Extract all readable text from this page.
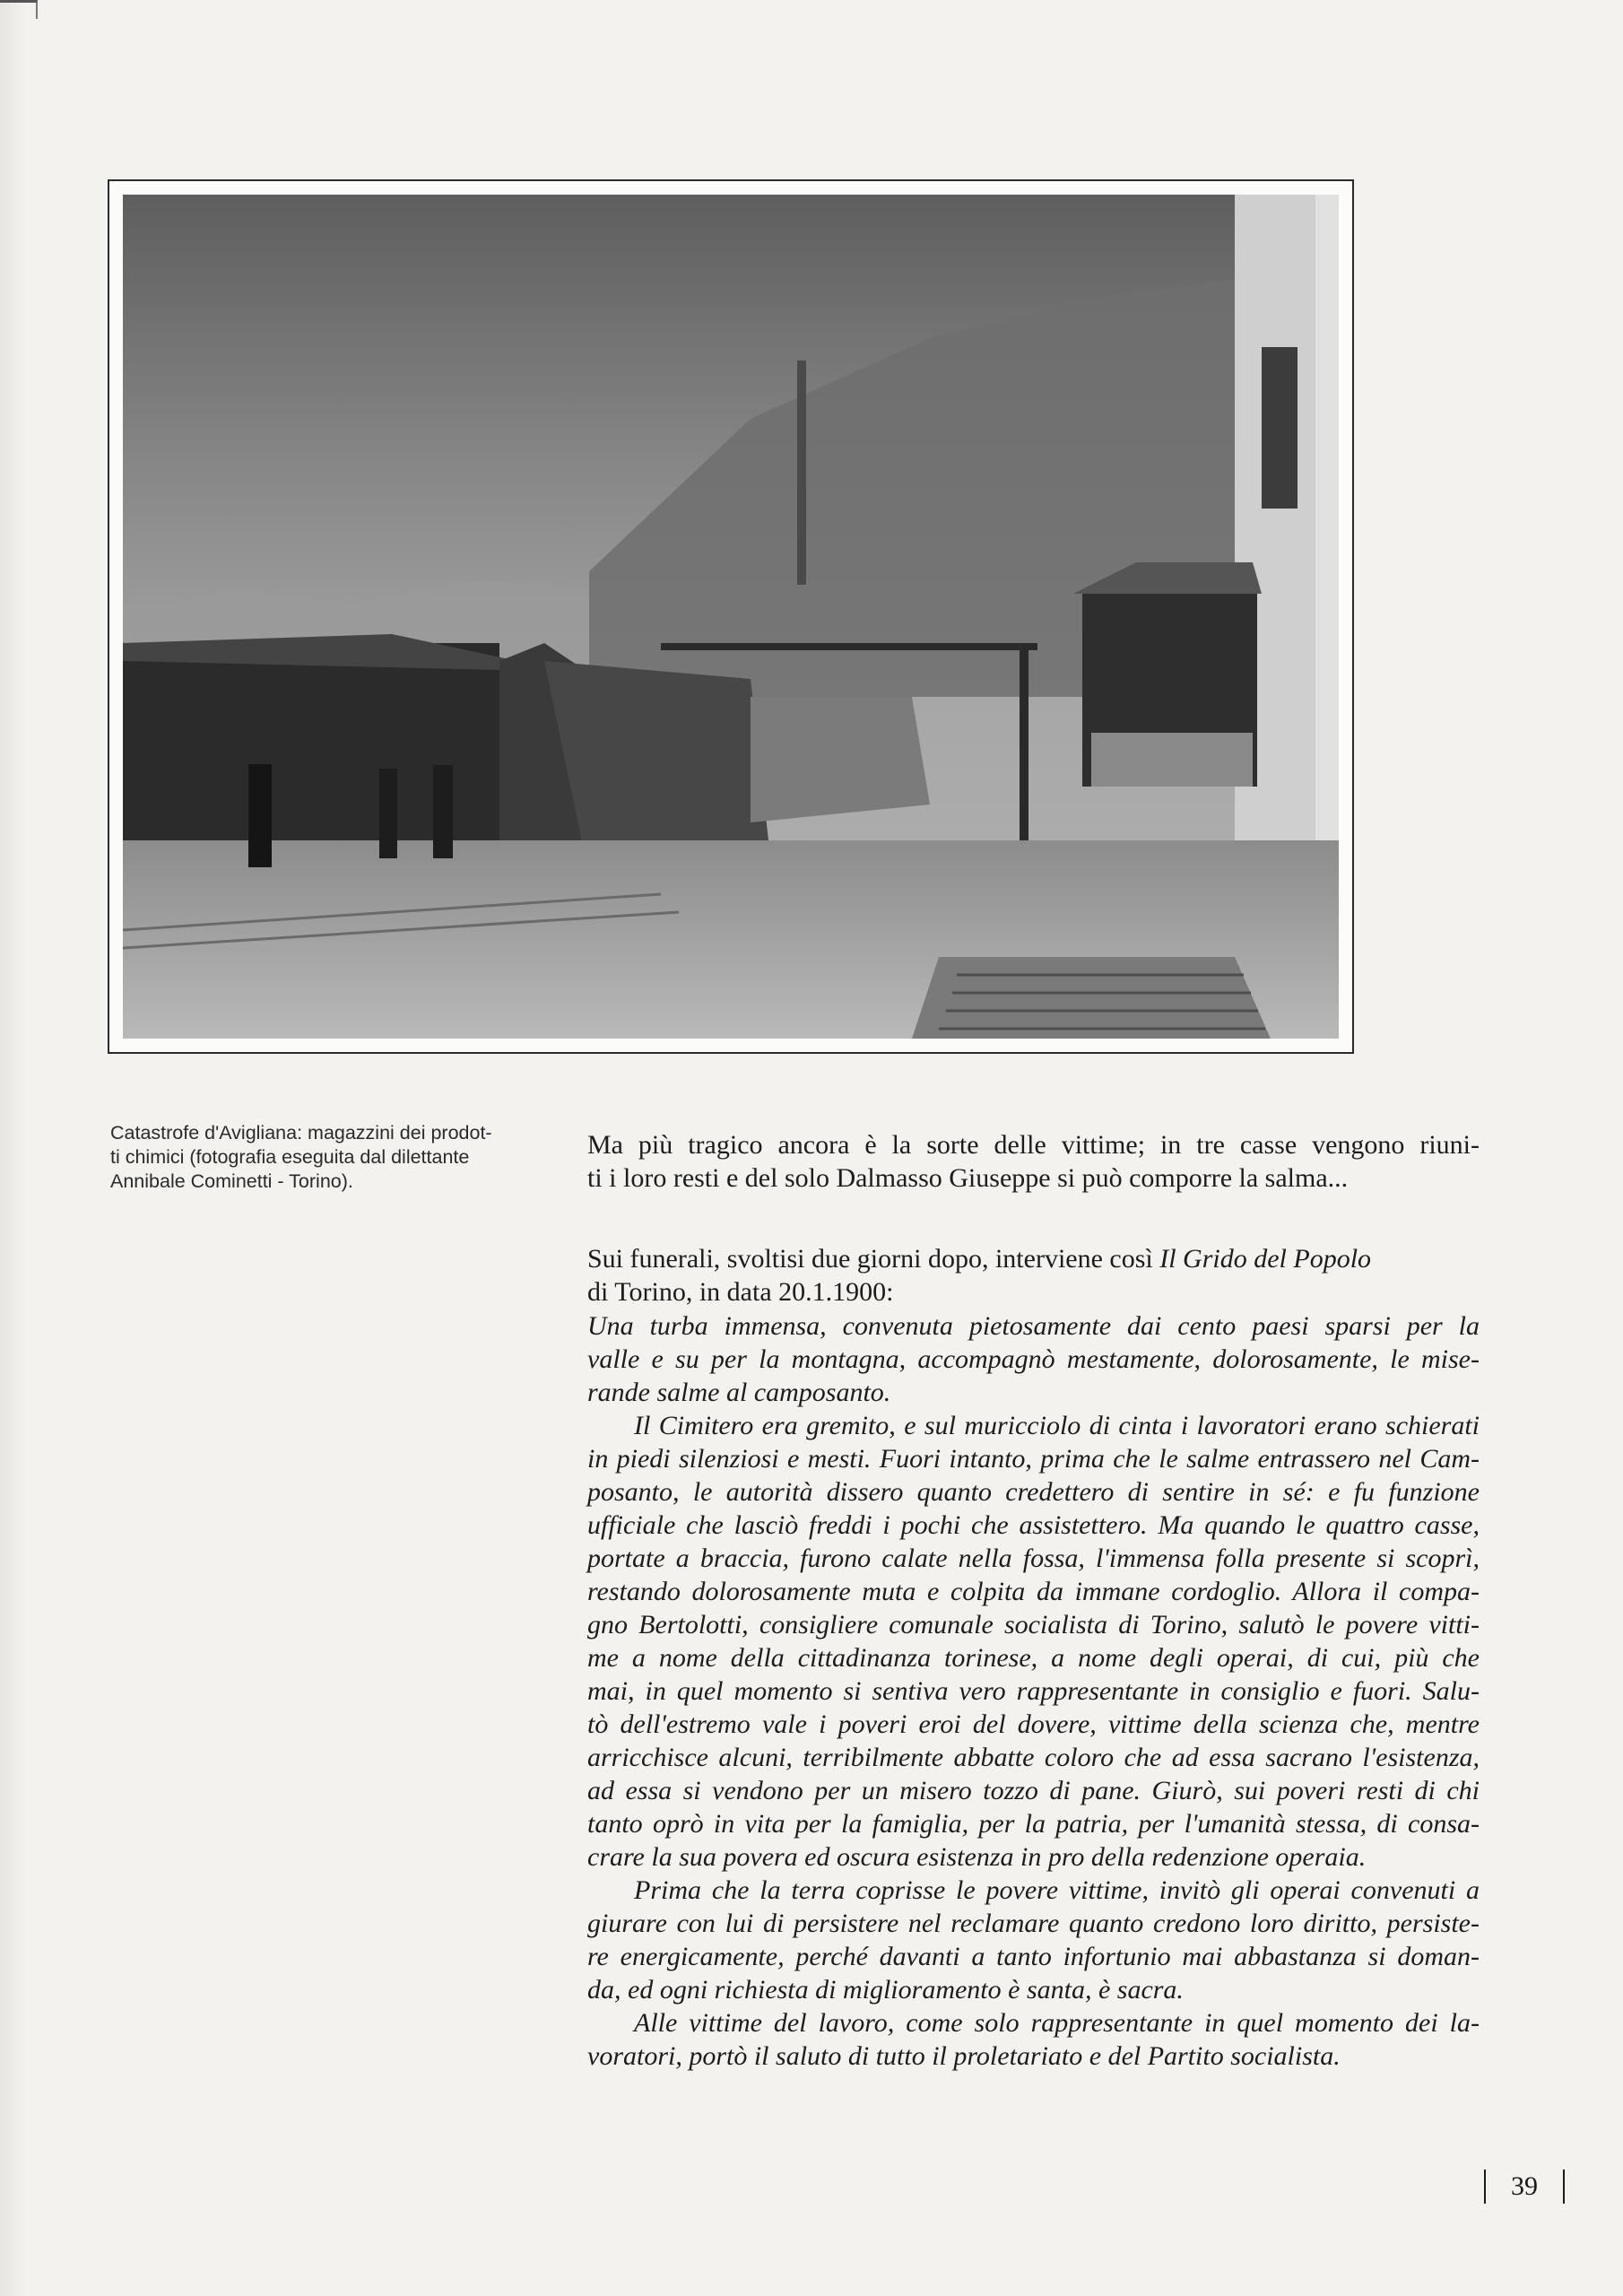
Catastrofe d'Avigliana: magazzini dei prodot-
ti chimici (fotografia eseguita dal dilettante
Annibale Cominetti - Torino).
Ma più tragico ancora è la sorte delle vittime; in tre casse vengono riuni-
ti i loro resti e del solo Dalmasso Giuseppe si può comporre la salma...
Sui funerali, svoltisi due giorni dopo, interviene così Il Grido del Popolo
di Torino, in data 20.1.1900:
Una turba immensa, convenuta pietosamente dai cento paesi sparsi per la
valle e su per la montagna, accompagnò mestamente, dolorosamente, le mise-
rande salme al camposanto.
Il Cimitero era gremito, e sul muricciolo di cinta i lavoratori erano schierati
in piedi silenziosi e mesti. Fuori intanto, prima che le salme entrassero nel Cam-
posanto, le autorità dissero quanto credettero di sentire in sé: e fu funzione
ufficiale che lasciò freddi i pochi che assistettero. Ma quando le quattro casse,
portate a braccia, furono calate nella fossa, l'immensa folla presente si scoprì,
restando dolorosamente muta e colpita da immane cordoglio. Allora il compa-
gno Bertolotti, consigliere comunale socialista di Torino, salutò le povere vitti-
me a nome della cittadinanza torinese, a nome degli operai, di cui, più che
mai, in quel momento si sentiva vero rappresentante in consiglio e fuori. Salu-
tò dell'estremo vale i poveri eroi del dovere, vittime della scienza che, mentre
arricchisce alcuni, terribilmente abbatte coloro che ad essa sacrano l'esistenza,
ad essa si vendono per un misero tozzo di pane. Giurò, sui poveri resti di chi
tanto oprò in vita per la famiglia, per la patria, per l'umanità stessa, di consa-
crare la sua povera ed oscura esistenza in pro della redenzione operaia.
Prima che la terra coprisse le povere vittime, invitò gli operai convenuti a
giurare con lui di persistere nel reclamare quanto credono loro diritto, persiste-
re energicamente, perché davanti a tanto infortunio mai abbastanza si doman-
da, ed ogni richiesta di miglioramento è santa, è sacra.
Alle vittime del lavoro, come solo rappresentante in quel momento dei la-
voratori, portò il saluto di tutto il proletariato e del Partito socialista.
39
